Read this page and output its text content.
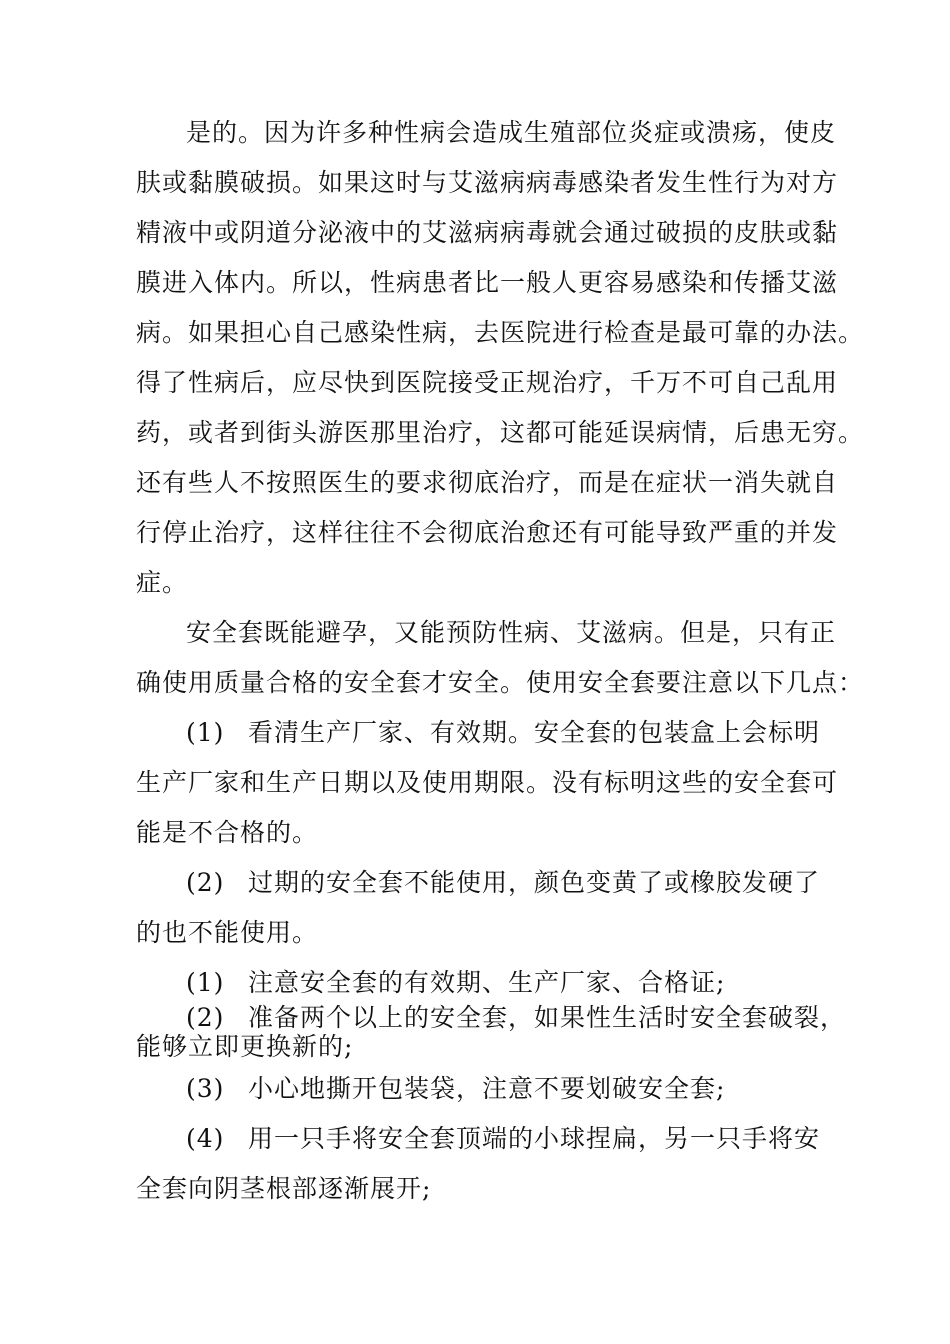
是的。因为许多种性病会造成生殖部位炎症或溃疡，使皮
肤或黏膜破损。如果这时与艾滋病病毒感染者发生性行为对方
精液中或阴道分泌液中的艾滋病病毒就会通过破损的皮肤或黏
膜进入体内。所以，性病患者比一般人更容易感染和传播艾滋
病。如果担心自己感染性病，去医院进行检查是最可靠的办法。
得了性病后，应尽快到医院接受正规治疗，千万不可自己乱用
药，或者到街头游医那里治疗，这都可能延误病情，后患无穷。
还有些人不按照医生的要求彻底治疗，而是在症状一消失就自
行停止治疗，这样往往不会彻底治愈还有可能导致严重的并发
症。
安全套既能避孕，又能预防性病、艾滋病。但是，只有正
确使用质量合格的安全套才安全。使用安全套要注意以下几点：
(1) 看清生产厂家、有效期。安全套的包装盒上会标明
生产厂家和生产日期以及使用期限。没有标明这些的安全套可
能是不合格的。
(2) 过期的安全套不能使用，颜色变黄了或橡胶发硬了
的也不能使用。
(1) 注意安全套的有效期、生产厂家、合格证;
(2) 准备两个以上的安全套，如果性生活时安全套破裂，
能够立即更换新的;
(3) 小心地撕开包装袋，注意不要划破安全套;
(4) 用一只手将安全套顶端的小球捏扁，另一只手将安
全套向阴茎根部逐渐展开;
